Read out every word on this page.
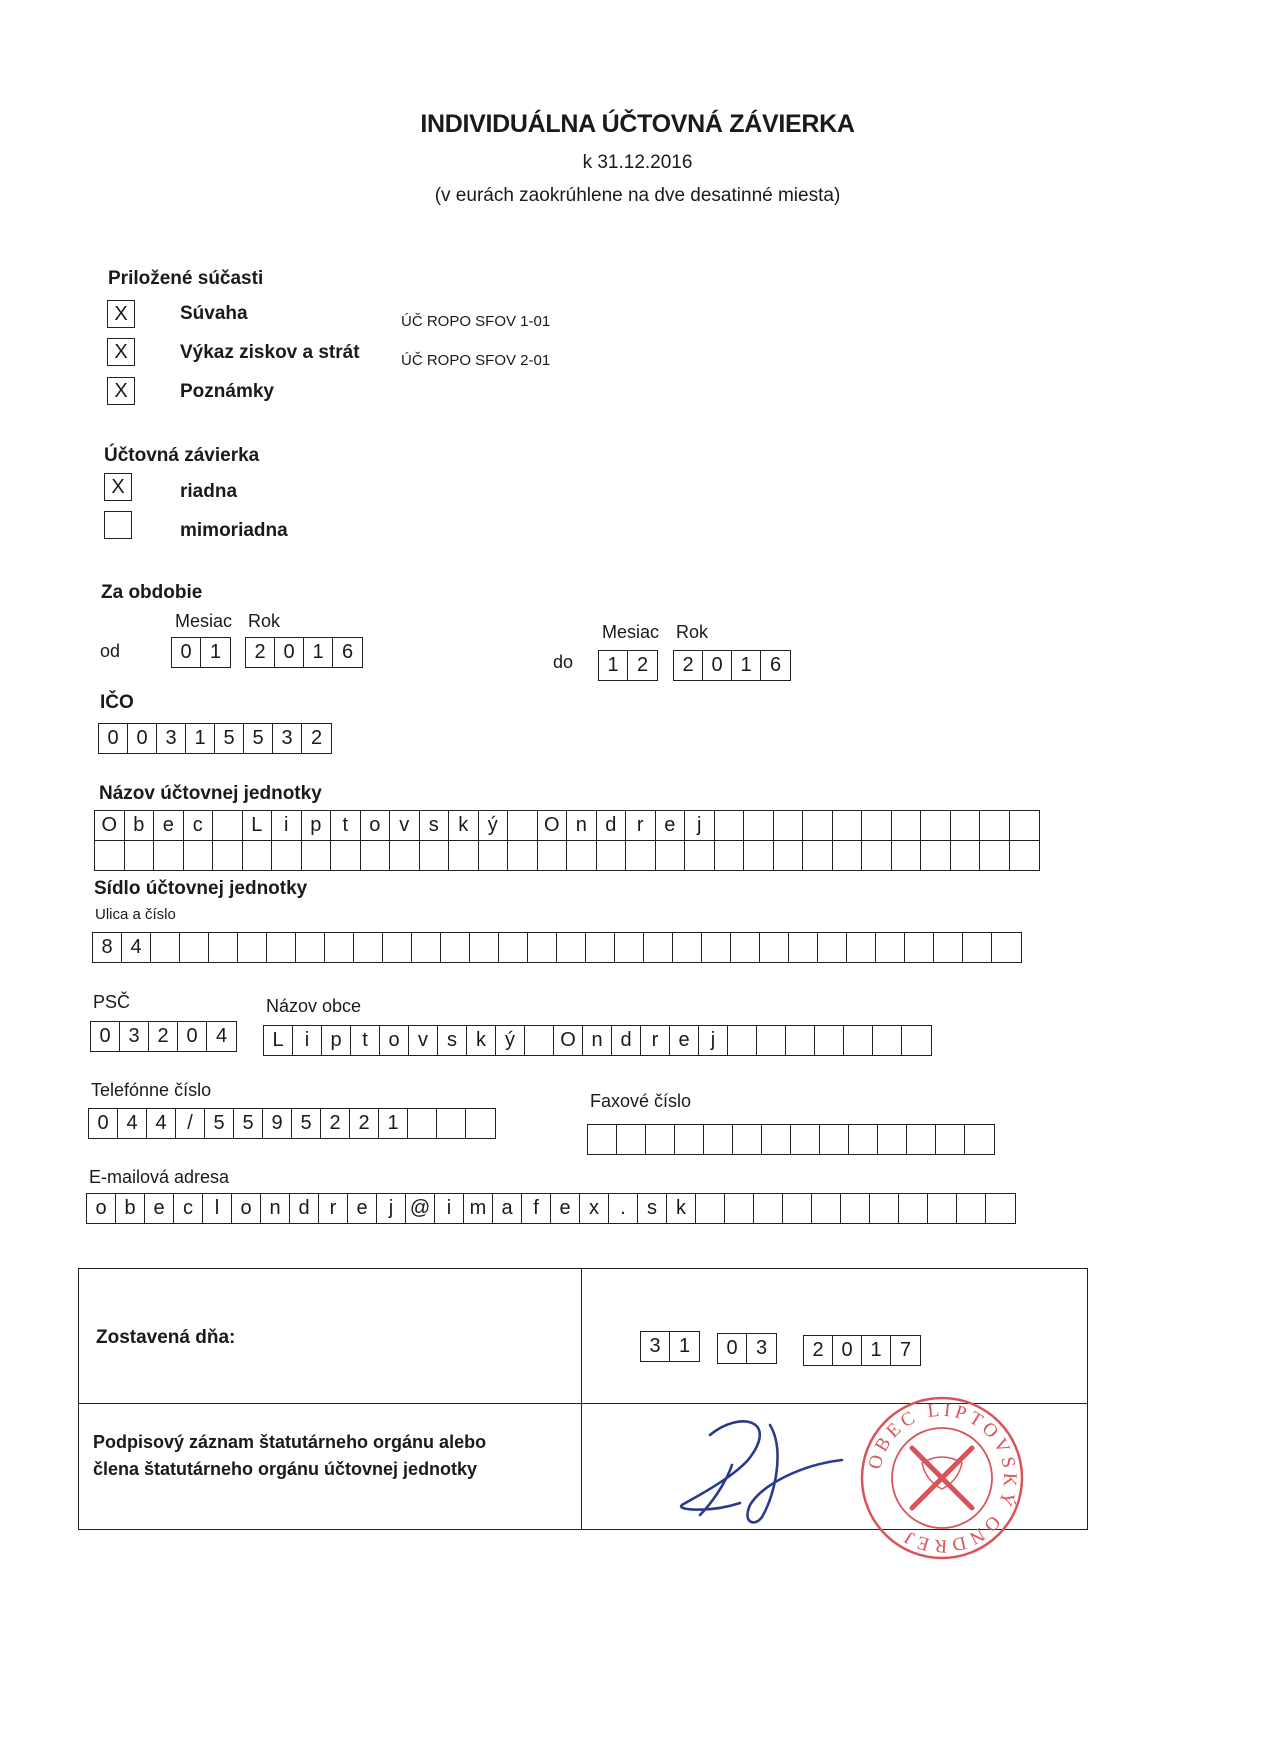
INDIVIDUÁLNA ÚČTOVNÁ ZÁVIERKA
k 31.12.2016
(v eurách zaokrúhlene na dve desatinné miesta)
Priložené súčasti
X	Súvaha	ÚČ ROPO SFOV 1-01
X	Výkaz ziskov a strát	ÚČ ROPO SFOV 2-01
X	Poznámky
Účtovná závierka
X	riadna
mimoriadna
Za obdobie
Mesiac Rok
od	0 1	2 0 1 6
Mesiac Rok
do	1 2	2 0 1 6
IČO
0 0 3 1 5 5 3 2
Názov účtovnej jednotky
O b e c	L	i	p	t	o v s k ý	O n d	r	e	j
Sídlo účtovnej jednotky
Ulica a číslo
8 4
PSČ
0 3 2 0 4
Názov obce
L	i	p	t	o v s k ý	O n d	r	e	j
Telefónne číslo
0 4 4	/	5 5 9 5 2 2 1
Faxové číslo
E-mailová adresa
o b e c	l	o n d	r	e	j @ i m a	f	e x	.	s k
Zostavená dňa:	3 1	0 3	2 0 1 7
Podpisový záznam štatutárneho orgánu alebo
člena štatutárneho orgánu účtovnej jednotky	OBEC LIPTOVSKÝ ONDREJ
